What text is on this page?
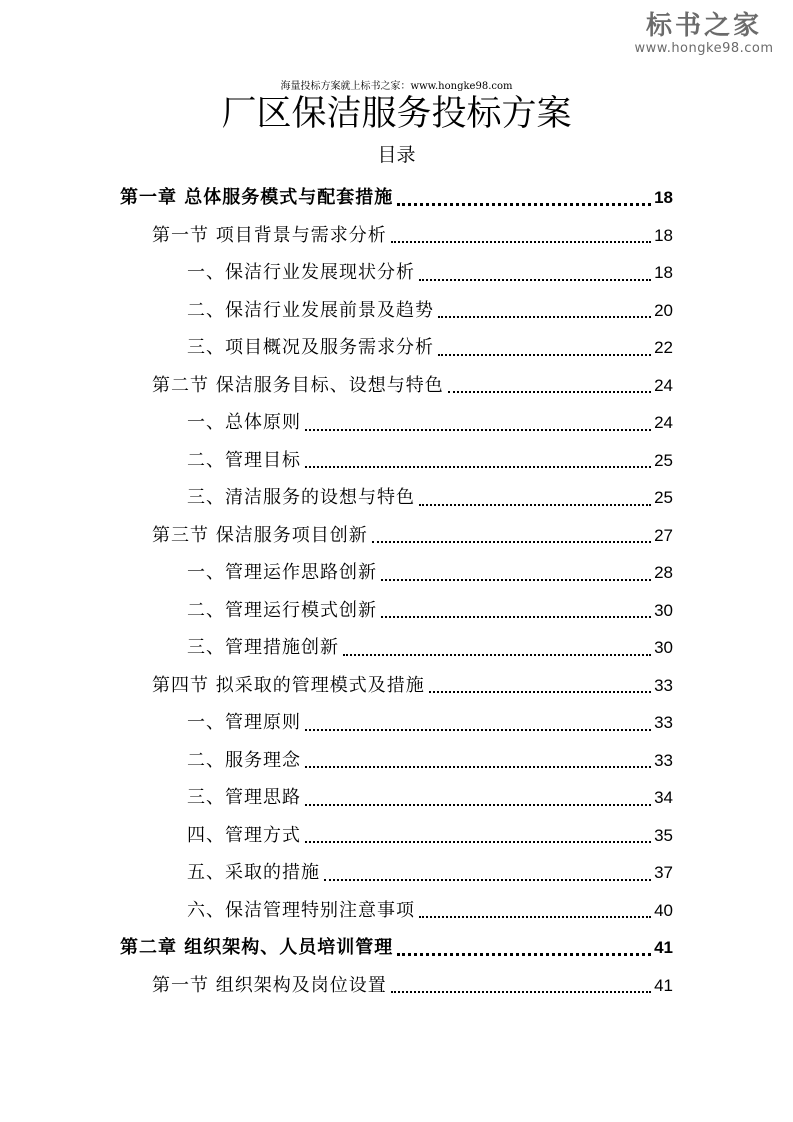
标书之家
www.hongke98.com
海量投标方案就上标书之家：www.hongke98.com
厂区保洁服务投标方案
目录
第一章 总体服务模式与配套措施	18
第一节 项目背景与需求分析	18
一、保洁行业发展现状分析	18
二、保洁行业发展前景及趋势	20
三、项目概况及服务需求分析	22
第二节 保洁服务目标、设想与特色	24
一、总体原则	24
二、管理目标	25
三、清洁服务的设想与特色	25
第三节 保洁服务项目创新	27
一、管理运作思路创新	28
二、管理运行模式创新	30
三、管理措施创新	30
第四节 拟采取的管理模式及措施	33
一、管理原则	33
二、服务理念	33
三、管理思路	34
四、管理方式	35
五、采取的措施	37
六、保洁管理特别注意事项	40
第二章 组织架构、人员培训管理	41
第一节 组织架构及岗位设置	41
